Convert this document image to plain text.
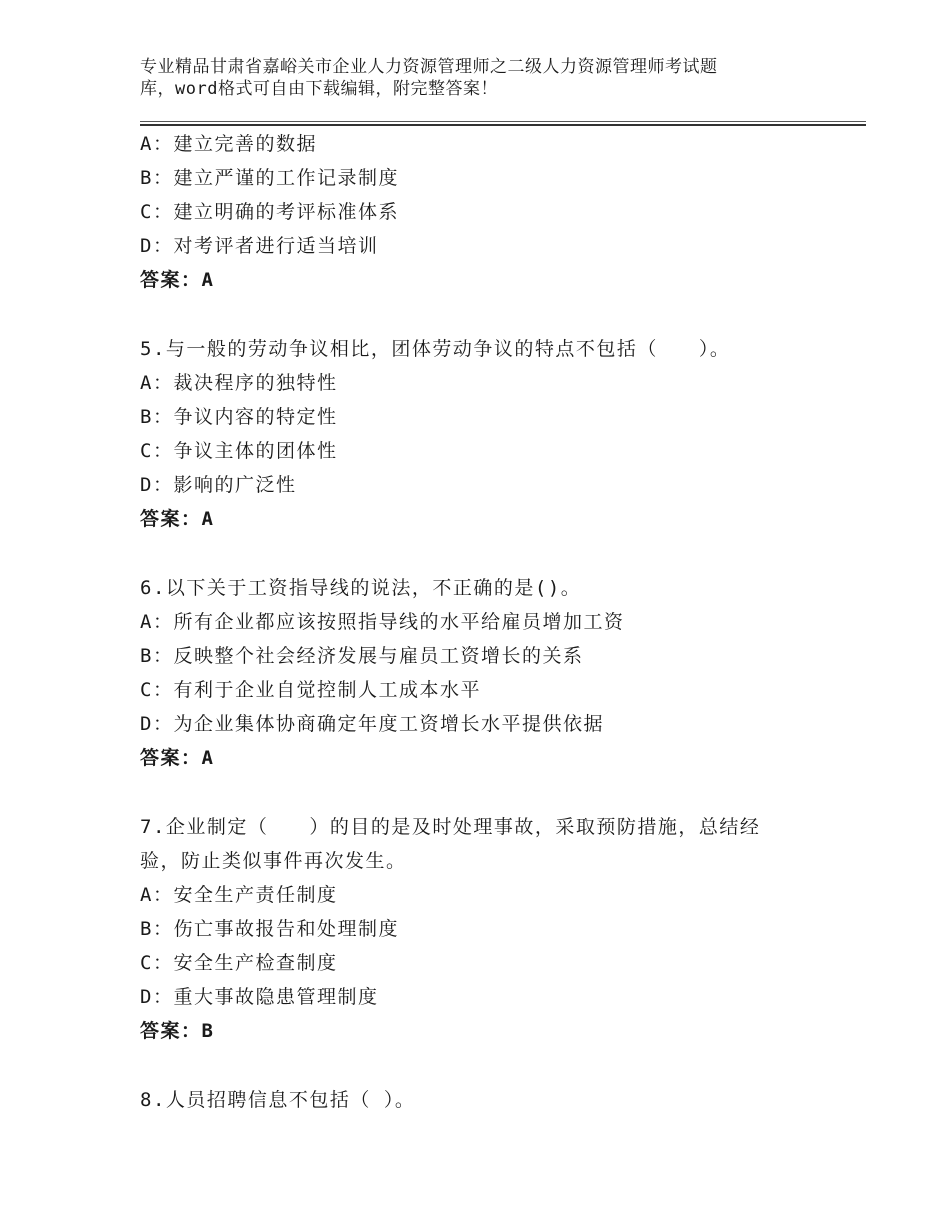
专业精品甘肃省嘉峪关市企业人力资源管理师之二级人力资源管理师考试题
库，word格式可自由下载编辑，附完整答案！
A：建立完善的数据
B：建立严谨的工作记录制度
C：建立明确的考评标准体系
D：对考评者进行适当培训
答案：A
5.与一般的劳动争议相比，团体劳动争议的特点不包括（　　）。
A：裁决程序的独特性
B：争议内容的特定性
C：争议主体的团体性
D：影响的广泛性
答案：A
6.以下关于工资指导线的说法，不正确的是()。
A：所有企业都应该按照指导线的水平给雇员增加工资
B：反映整个社会经济发展与雇员工资增长的关系
C：有利于企业自觉控制人工成本水平
D：为企业集体协商确定年度工资增长水平提供依据
答案：A
7.企业制定（　　）的目的是及时处理事故，采取预防措施，总结经
验，防止类似事件再次发生。
A：安全生产责任制度
B：伤亡事故报告和处理制度
C：安全生产检查制度
D：重大事故隐患管理制度
答案：B
8.人员招聘信息不包括（ ）。
